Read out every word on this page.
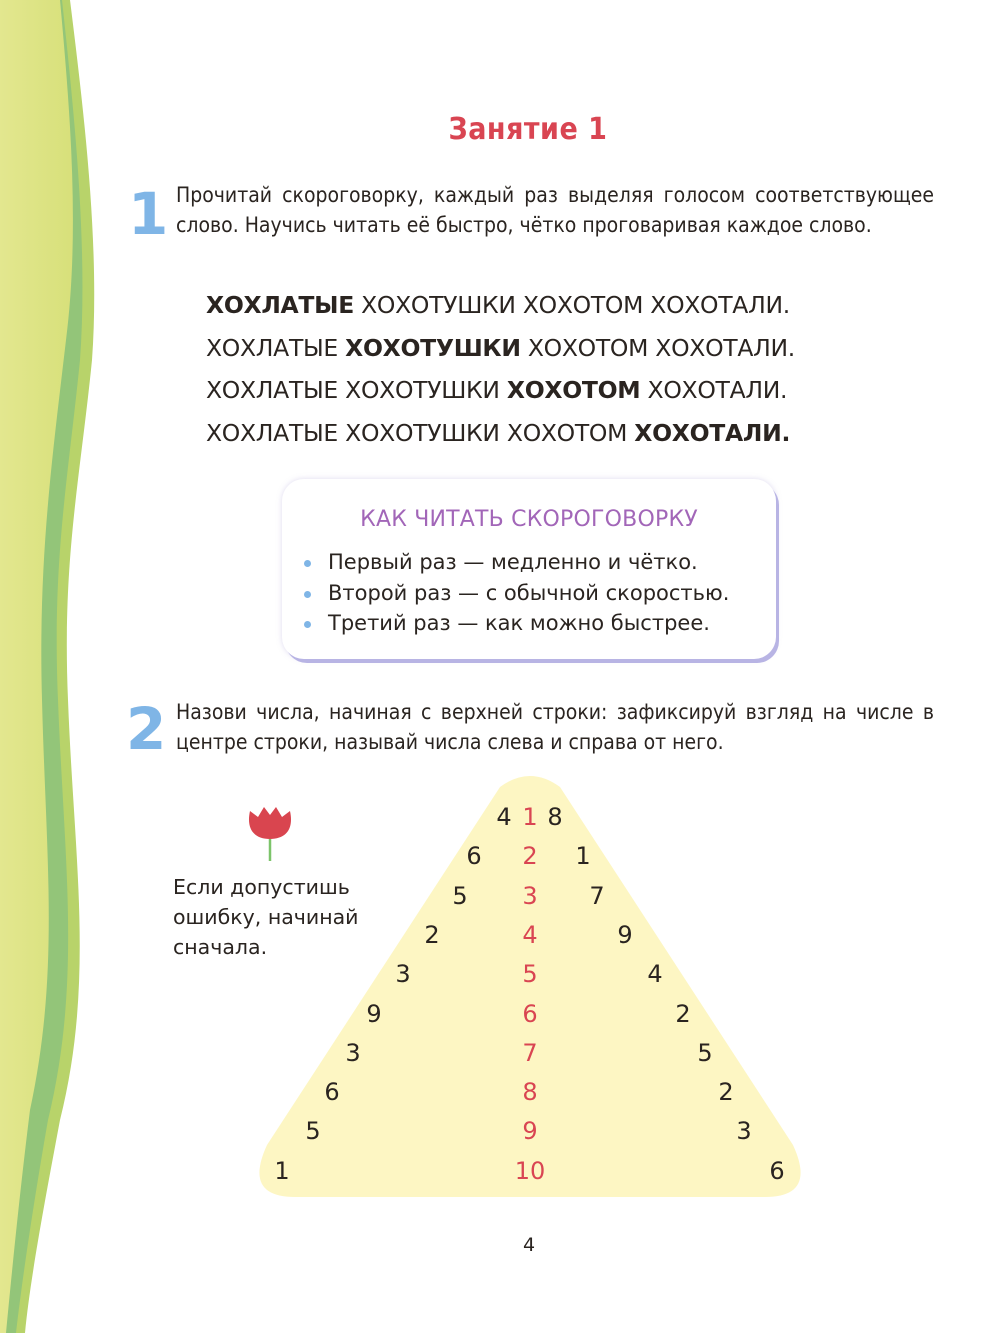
Занятие 1
1 Прочитай скороговорку, каждый раз выделяя голосом соответствующее слово. Научись читать её быстро, чётко проговаривая каждое слово.
ХОХЛАТЫЕ ХОХОТУШКИ ХОХОТОМ ХОХОТАЛИ.
ХОХЛАТЫЕ ХОХОТУШКИ ХОХОТОМ ХОХОТАЛИ.
ХОХЛАТЫЕ ХОХОТУШКИ ХОХОТОМ ХОХОТАЛИ.
ХОХЛАТЫЕ ХОХОТУШКИ ХОХОТОМ ХОХОТАЛИ.
КАК ЧИТАТЬ СКОРОГОВОРКУ
Первый раз — медленно и чётко.
Второй раз — с обычной скоростью.
Третий раз — как можно быстрее.
2 Назови числа, начиная с верхней строки: зафиксируй взгляд на числе в центре строки, называй числа слева и справа от него.
Если допустишь ошибку, начинай сначала.
4 1 8
6 2 1
5 3 7
2	4	9
3	5	4
9	6	2
3	7	5
6	8	2
5	9	3
1	10	6
4
